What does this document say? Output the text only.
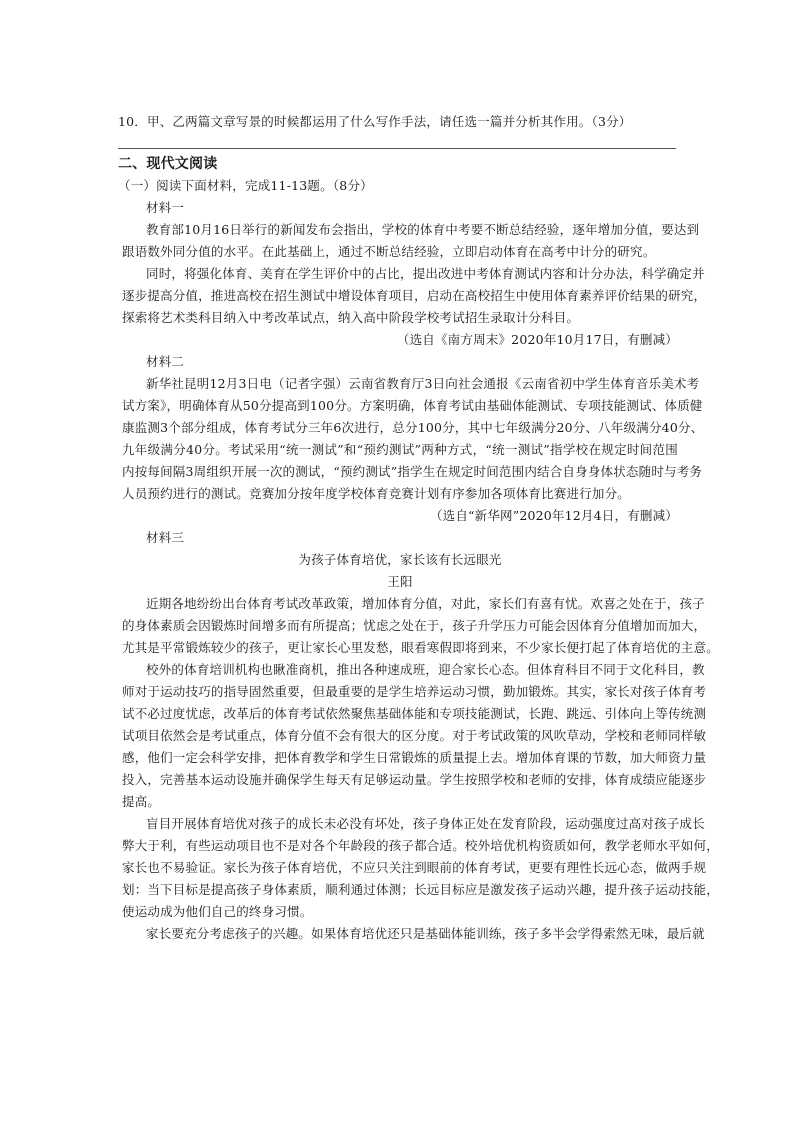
10．甲、乙两篇文章写景的时候都运用了什么写作手法，请任选一篇并分析其作用。（3分）
二、现代文阅读
（一）阅读下面材料，完成11-13题。（8分）
材料一
教育部10月16日举行的新闻发布会指出，学校的体育中考要不断总结经验，逐年增加分值，要达到
跟语数外同分值的水平。在此基础上，通过不断总结经验，立即启动体育在高考中计分的研究。
同时，将强化体育、美育在学生评价中的占比，提出改进中考体育测试内容和计分办法，科学确定并
逐步提高分值，推进高校在招生测试中增设体育项目，启动在高校招生中使用体育素养评价结果的研究，
探索将艺术类科目纳入中考改革试点，纳入高中阶段学校考试招生录取计分科目。
（选自《南方周末》2020年10月17日，有删减）
材料二
新华社昆明12月3日电（记者字强）云南省教育厅3日向社会通报《云南省初中学生体育音乐美术考
试方案》，明确体育从50分提高到100分。方案明确，体育考试由基础体能测试、专项技能测试、体质健
康监测3个部分组成，体育考试分三年6次进行，总分100分，其中七年级满分20分、八年级满分40分、
九年级满分40分。考试采用“统一测试”和“预约测试”两种方式，“统一测试”指学校在规定时间范围
内按每间隔3周组织开展一次的测试，“预约测试”指学生在规定时间范围内结合自身身体状态随时与考务
人员预约进行的测试。竞赛加分按年度学校体育竞赛计划有序参加各项体育比赛进行加分。
（选自“新华网”2020年12月4日，有删减）
材料三
为孩子体育培优，家长该有长远眼光
王阳
近期各地纷纷出台体育考试改革政策，增加体育分值，对此，家长们有喜有忧。欢喜之处在于，孩子
的身体素质会因锻炼时间增多而有所提高；忧虑之处在于，孩子升学压力可能会因体育分值增加而加大，
尤其是平常锻炼较少的孩子，更让家长心里发愁，眼看寒假即将到来，不少家长便打起了体育培优的主意。
校外的体育培训机构也瞅准商机，推出各种速成班，迎合家长心态。但体育科目不同于文化科目，教
师对于运动技巧的指导固然重要，但最重要的是学生培养运动习惯，勤加锻炼。其实，家长对孩子体育考
试不必过度忧虑，改革后的体育考试依然聚焦基础体能和专项技能测试，长跑、跳远、引体向上等传统测
试项目依然会是考试重点，体育分值不会有很大的区分度。对于考试政策的风吹草动，学校和老师同样敏
感，他们一定会科学安排，把体育教学和学生日常锻炼的质量提上去。增加体育课的节数，加大师资力量
投入，完善基本运动设施并确保学生每天有足够运动量。学生按照学校和老师的安排，体育成绩应能逐步
提高。
盲目开展体育培优对孩子的成长未必没有坏处，孩子身体正处在发育阶段，运动强度过高对孩子成长
弊大于利，有些运动项目也不是对各个年龄段的孩子都合适。校外培优机构资质如何，教学老师水平如何，
家长也不易验证。家长为孩子体育培优，不应只关注到眼前的体育考试，更要有理性长远心态，做两手规
划：当下目标是提高孩子身体素质，顺利通过体测；长远目标应是激发孩子运动兴趣，提升孩子运动技能，
使运动成为他们自己的终身习惯。
家长要充分考虑孩子的兴趣。如果体育培优还只是基础体能训练，孩子多半会学得索然无味，最后就
